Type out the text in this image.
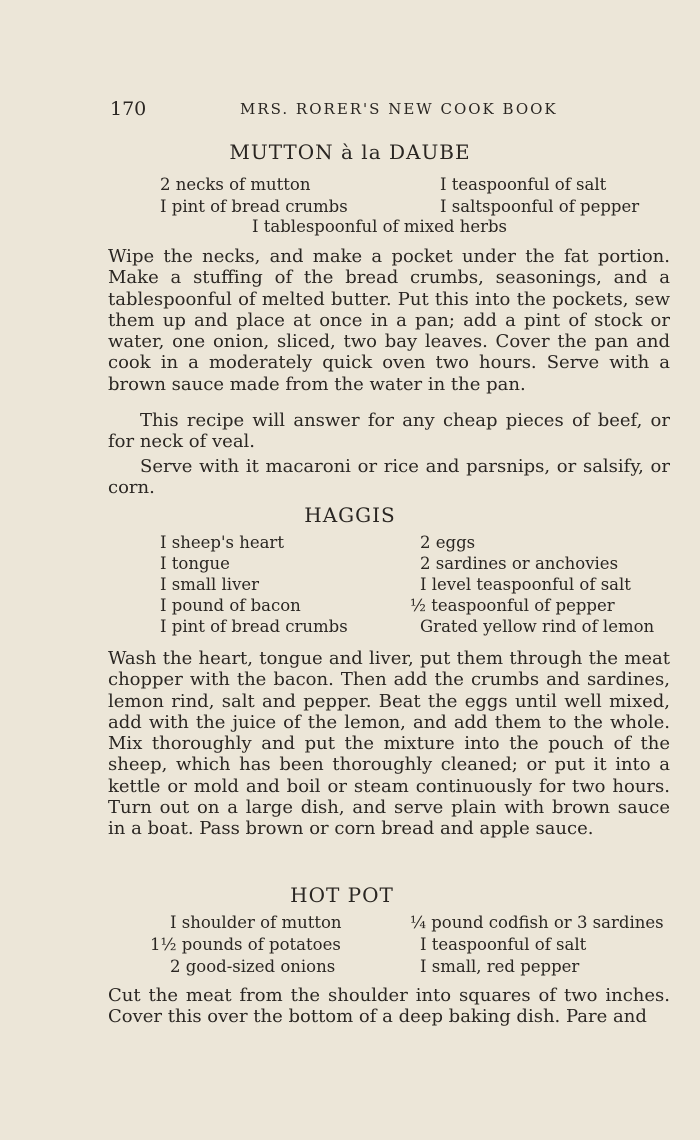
170	MRS. RORER'S NEW COOK BOOK
MUTTON à la DAUBE
2 necks of mutton
I pint of bread crumbs
I teaspoonful of salt
I saltspoonful of pepper
I tablespoonful of mixed herbs

Wipe the necks, and make a pocket under the fat portion. Make a stuffing of the bread crumbs, seasonings, and a tablespoonful of melted butter. Put this into the pockets, sew them up and place at once in a pan; add a pint of stock or water, one onion, sliced, two bay leaves. Cover the pan and cook in a moderately quick oven two hours. Serve with a brown sauce made from the water in the pan.

This recipe will answer for any cheap pieces of beef, or for neck of veal.

Serve with it macaroni or rice and parsnips, or salsify, or corn.

HAGGIS
I sheep's heart
I tongue
I small liver
I pound of bacon
I pint of bread crumbs
2 eggs
2 sardines or anchovies
I level teaspoonful of salt
½ teaspoonful of pepper
Grated yellow rind of lemon

Wash the heart, tongue and liver, put them through the meat chopper with the bacon. Then add the crumbs and sardines, lemon rind, salt and pepper. Beat the eggs until well mixed, add with the juice of the lemon, and add them to the whole. Mix thoroughly and put the mixture into the pouch of the sheep, which has been thoroughly cleaned; or put it into a kettle or mold and boil or steam continuously for two hours. Turn out on a large dish, and serve plain with brown sauce in a boat. Pass brown or corn bread and apple sauce.

HOT POT
I shoulder of mutton
1½ pounds of potatoes
2 good-sized onions
¼ pound codfish or 3 sardines
I teaspoonful of salt
I small, red pepper

Cut the meat from the shoulder into squares of two inches. Cover this over the bottom of a deep baking dish. Pare and
